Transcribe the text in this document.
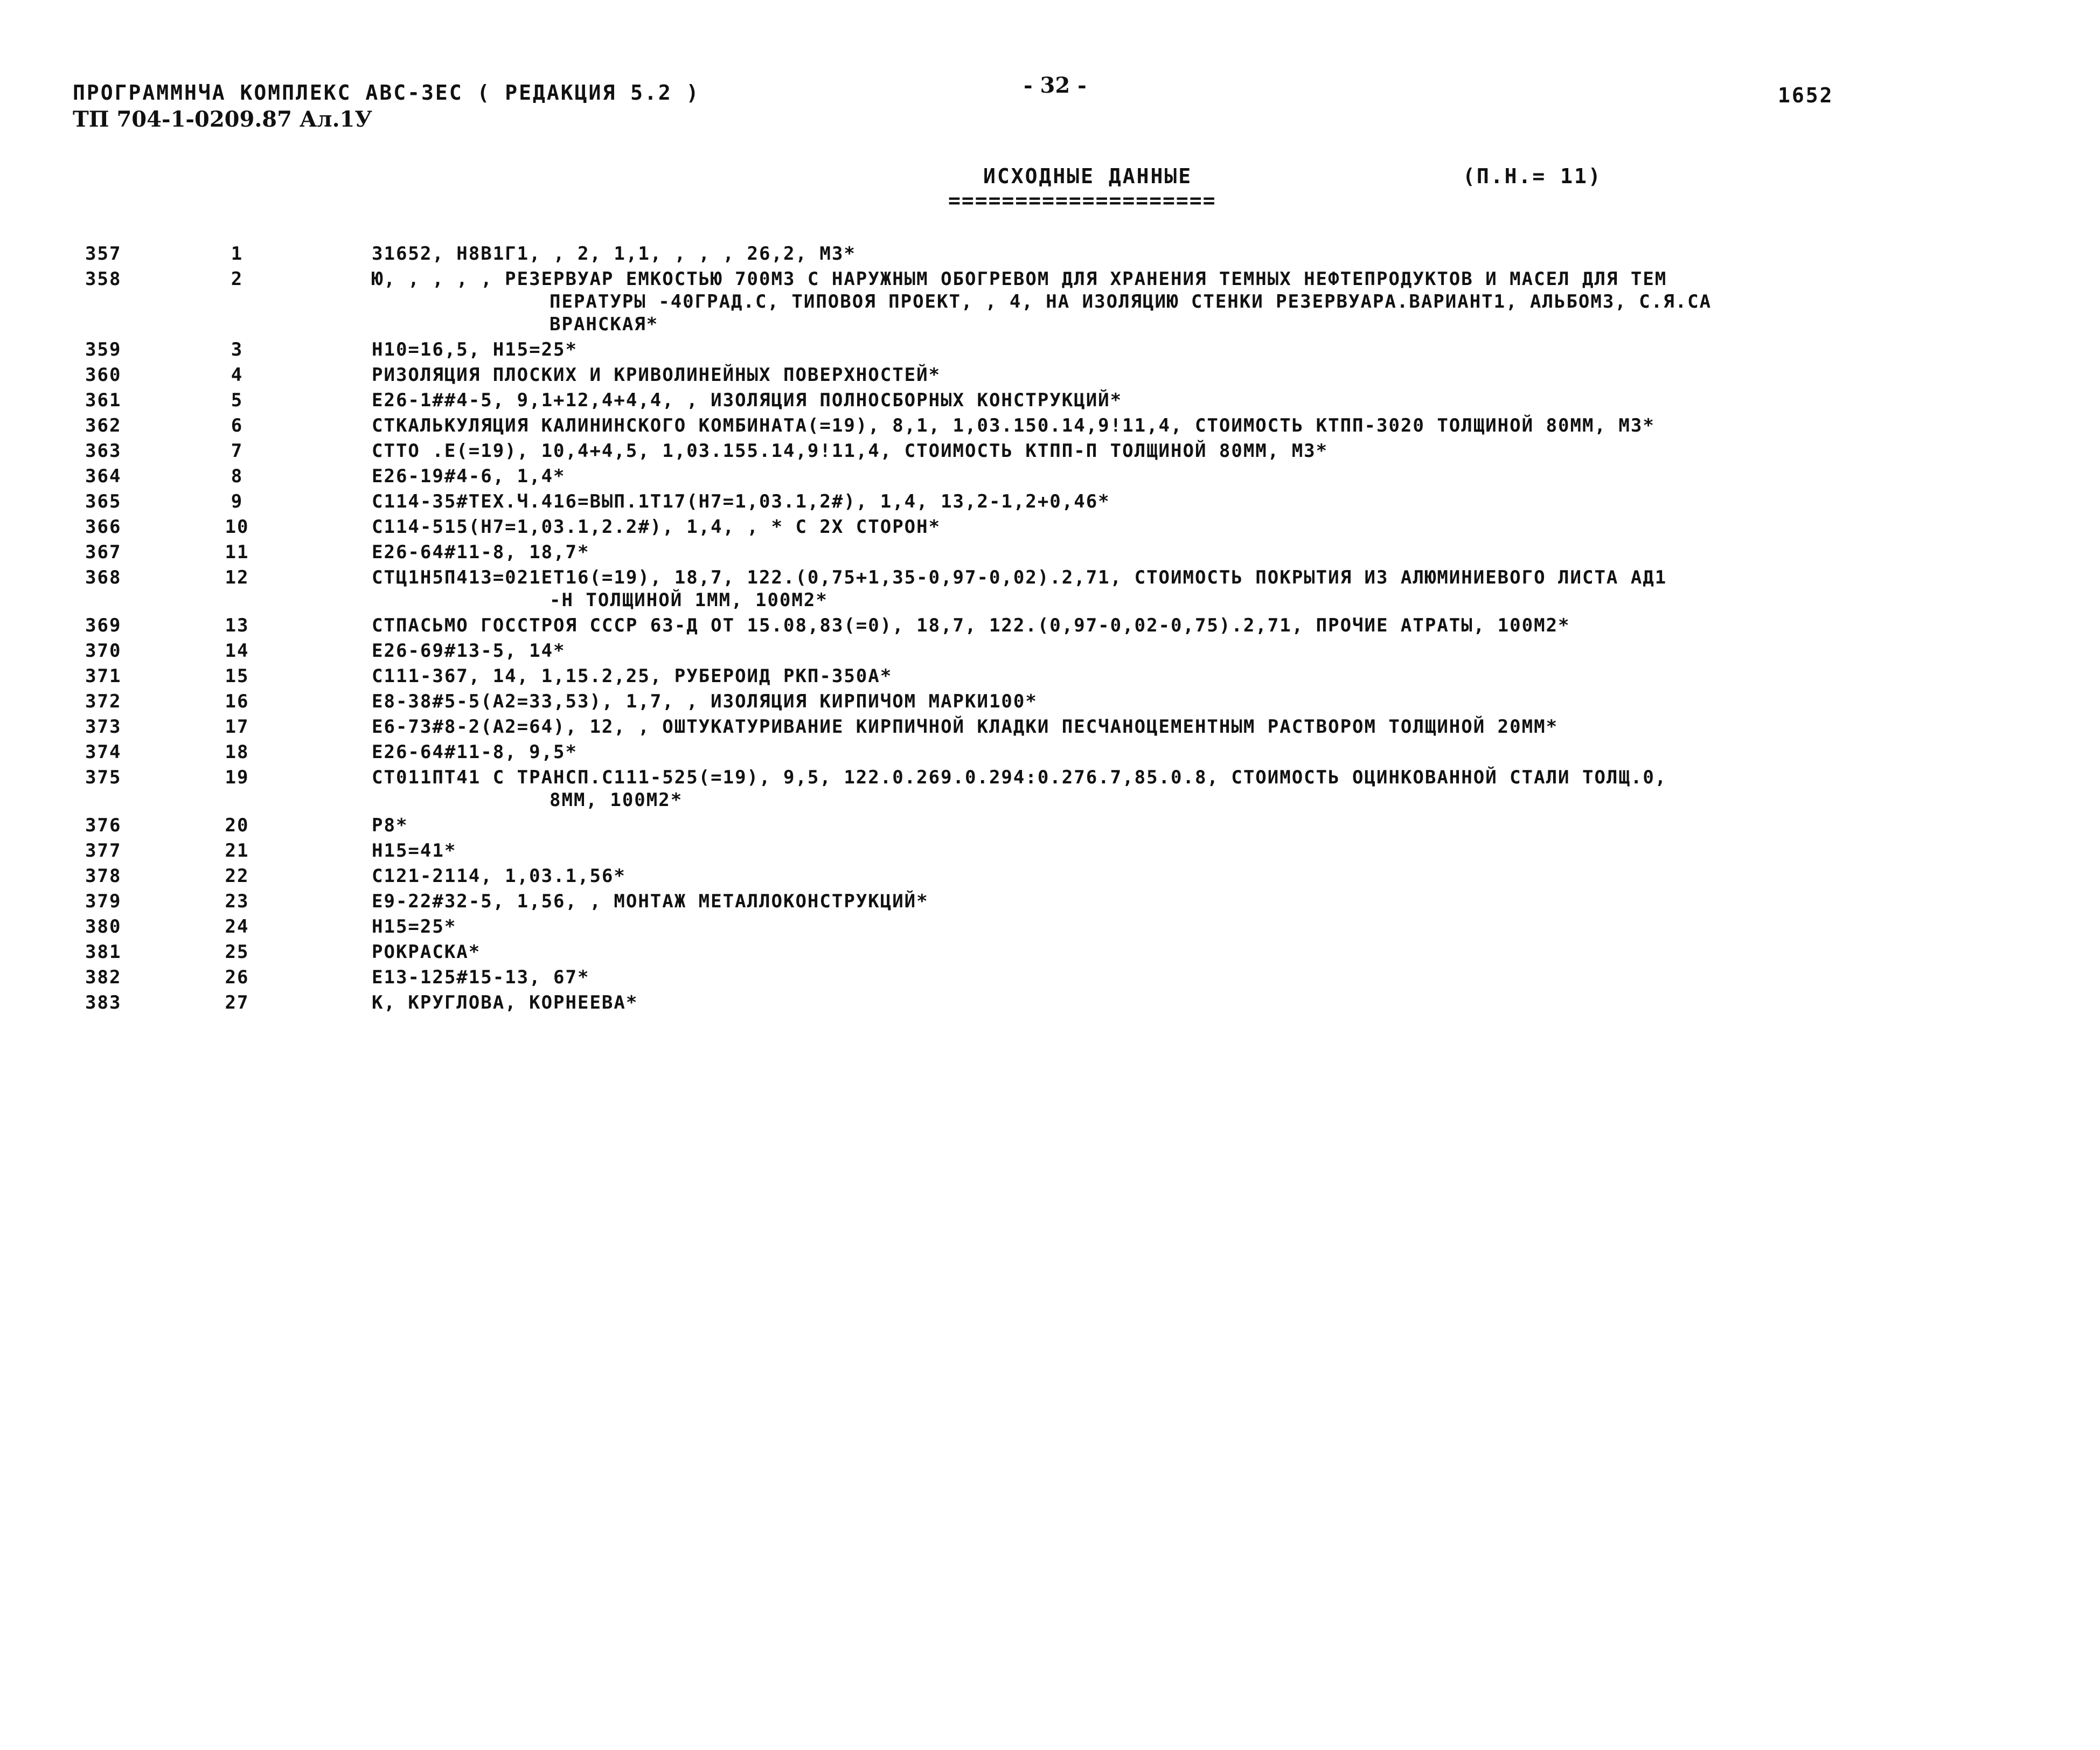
ПРОГРАММНЧА КОМПЛЕКС АВС-ЗЕС ( РЕДАКЦИЯ 5.2 )
ТП 704-1-0209.87 Ал.1У
- 32 -	1652
ИСХОДНЫЕ ДАННЫЕ
====================
(П.Н.= 11)
357	1	31652, Н8В1Г1, , 2, 1,1, , , , 26,2, М3*
358	2	Ю, , , , , РЕЗЕРВУАР ЕМКОСТЬЮ 700М3 С НАРУЖНЫМ ОБОГРЕВОМ ДЛЯ ХРАНЕНИЯ ТЕМНЫХ НЕФТЕПРОДУКТОВ И МАСЕЛ ДЛЯ ТЕМ
ПЕРАТУРЫ -40ГРАД.С, ТИПОВОЯ ПРОЕКТ, , 4, НА ИЗОЛЯЦИЮ СТЕНКИ РЕЗЕРВУАРА.ВАРИАНТ1, АЛЬБОМ3, С.Я.СА
ВРАНСКАЯ*
359	3	Н10=16,5, Н15=25*
360	4	РИЗОЛЯЦИЯ ПЛОСКИХ И КРИВОЛИНЕЙНЫХ ПОВЕРХНОСТЕЙ*
361	5	Е26-1##4-5, 9,1+12,4+4,4, , ИЗОЛЯЦИЯ ПОЛНОСБОРНЫХ КОНСТРУКЦИЙ*
362	6	СТКАЛЬКУЛЯЦИЯ КАЛИНИНСКОГО КОМБИНАТА(=19), 8,1, 1,03.150.14,9!11,4, СТОИМОСТЬ КТПП-3020 ТОЛЩИНОЙ 80ММ, М3*
363	7	СТТО .Е(=19), 10,4+4,5, 1,03.155.14,9!11,4, СТОИМОСТЬ КТПП-П ТОЛЩИНОЙ 80ММ, М3*
364	8	Е26-19#4-6, 1,4*
365	9	С114-35#ТЕХ.Ч.416=ВЫП.1Т17(Н7=1,03.1,2#), 1,4, 13,2-1,2+0,46*
366	10	С114-515(Н7=1,03.1,2.2#), 1,4, , * С 2Х СТОРОН*
367	11	Е26-64#11-8, 18,7*
368	12	СТЦ1Н5П413=021ЕТ16(=19), 18,7, 122.(0,75+1,35-0,97-0,02).2,71, СТОИМОСТЬ ПОКРЫТИЯ ИЗ АЛЮМИНИЕВОГО ЛИСТА АД1
-Н ТОЛЩИНОЙ 1ММ, 100М2*
369	13	СТПАСЬМО ГОССТРОЯ СССР 63-Д ОТ 15.08,83(=0), 18,7, 122.(0,97-0,02-0,75).2,71, ПРОЧИЕ АТРАТЫ, 100М2*
370	14	Е26-69#13-5, 14*
371	15	С111-367, 14, 1,15.2,25, РУБЕРОИД РКП-350А*
372	16	Е8-38#5-5(А2=33,53), 1,7, , ИЗОЛЯЦИЯ КИРПИЧОМ МАРКИ100*
373	17	Е6-73#8-2(А2=64), 12, , ОШТУКАТУРИВАНИЕ КИРПИЧНОЙ КЛАДКИ ПЕСЧАНОЦЕМЕНТНЫМ РАСТВОРОМ ТОЛЩИНОЙ 20ММ*
374	18	Е26-64#11-8, 9,5*
375	19	СТ011ПТ41 С ТРАНСП.С111-525(=19), 9,5, 122.0.269.0.294:0.276.7,85.0.8, СТОИМОСТЬ ОЦИНКОВАННОЙ СТАЛИ ТОЛЩ.0,
8ММ, 100М2*
376	20	Р8*
377	21	Н15=41*
378	22	С121-2114, 1,03.1,56*
379	23	Е9-22#32-5, 1,56, , МОНТАЖ МЕТАЛЛОКОНСТРУКЦИЙ*
380	24	Н15=25*
381	25	РОКРАСКА*
382	26	Е13-125#15-13, 67*
383	27	К, КРУГЛОВА, КОРНЕЕВА*
